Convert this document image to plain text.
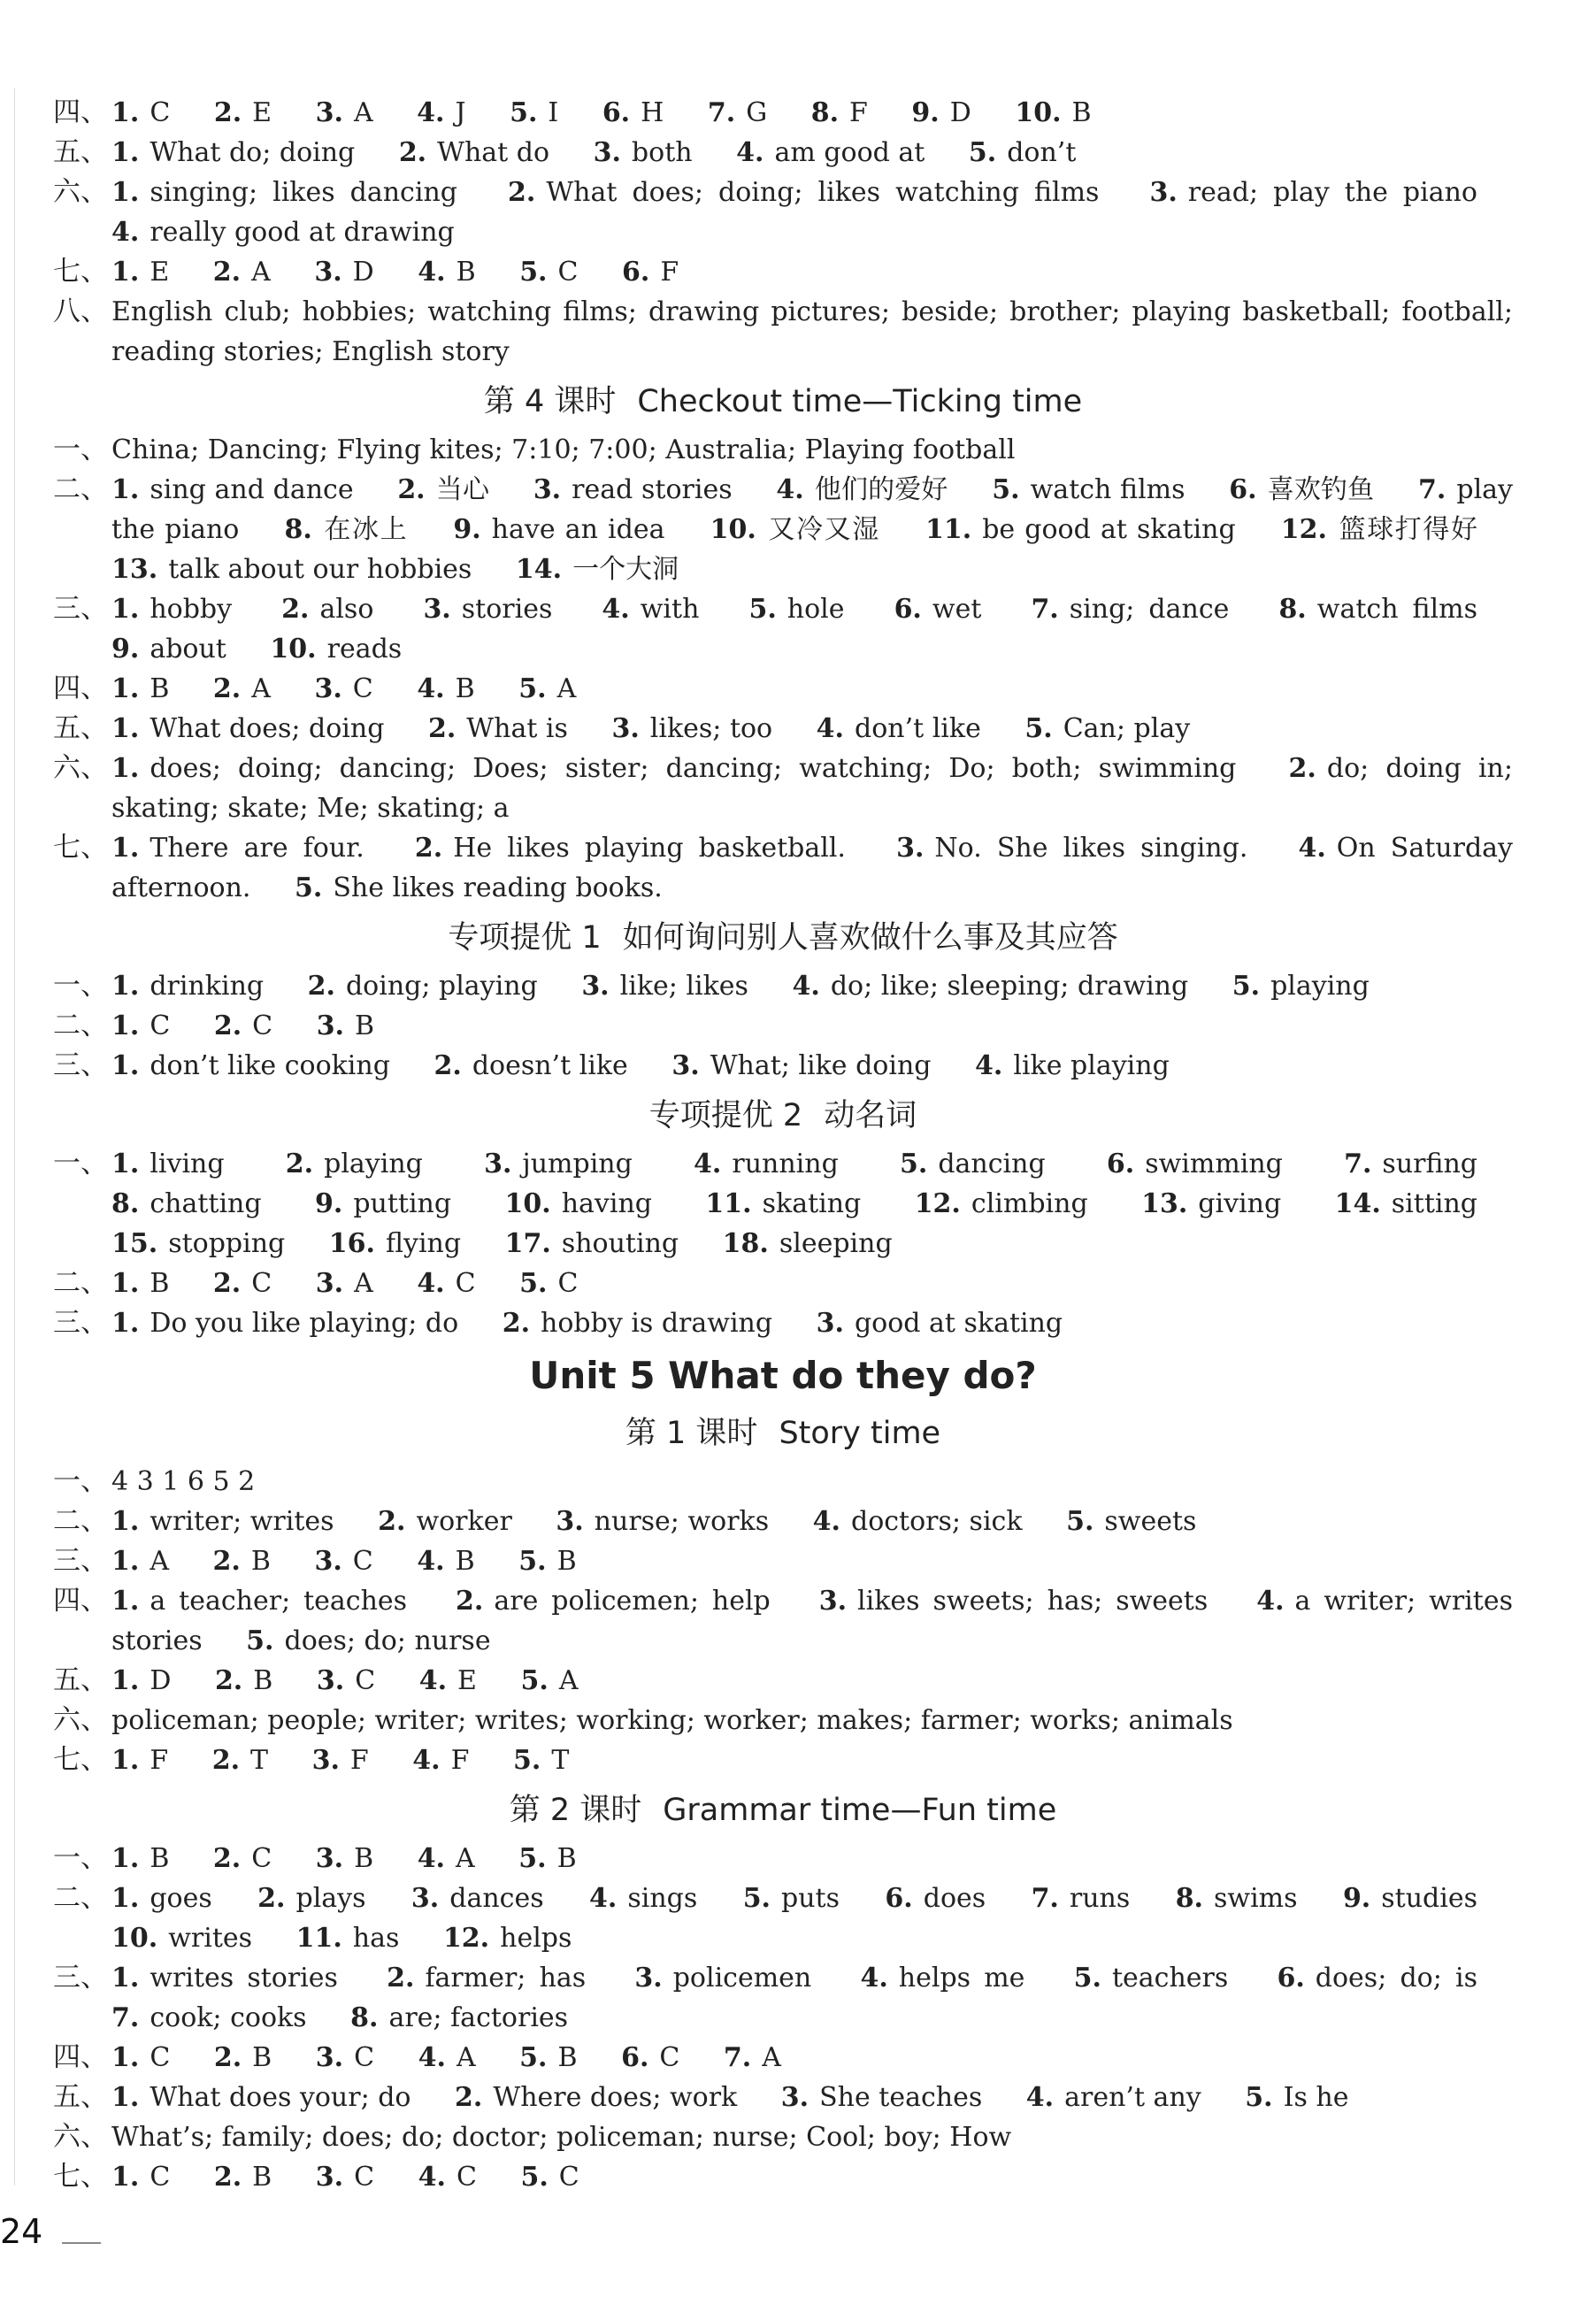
四、 1. C 2. E 3. A 4. J 5. I 6. H 7. G 8. F 9. D 10. B
五、 1. What do; doing 2. What do 3. both 4. am good at 5. don’t
六、 1. singing; likes dancing 2. What does; doing; likes watching films 3. read; play the piano 4. really good at drawing
七、 1. E 2. A 3. D 4. B 5. C 6. F
八、 English club; hobbies; watching films; drawing pictures; beside; brother; playing basketball; football; reading stories; English story
第 4 课时 Checkout time—Ticking time
一、 China; Dancing; Flying kites; 7:10; 7:00; Australia; Playing football
二、 1. sing and dance 2. 当心 3. read stories 4. 他们的爱好 5. watch films 6. 喜欢钓鱼 7. play the piano 8. 在冰上 9. have an idea 10. 又冷又湿 11. be good at skating 12. 篮球打得好 13. talk about our hobbies 14. 一个大洞
三、 1. hobby 2. also 3. stories 4. with 5. hole 6. wet 7. sing; dance 8. watch films 9. about 10. reads
四、 1. B 2. A 3. C 4. B 5. A
五、 1. What does; doing 2. What is 3. likes; too 4. don’t like 5. Can; play
六、 1. does; doing; dancing; Does; sister; dancing; watching; Do; both; swimming 2. do; doing in; skating; skate; Me; skating; a
七、 1. There are four. 2. He likes playing basketball. 3. No. She likes singing. 4. On Saturday afternoon. 5. She likes reading books.
专项提优 1 如何询问别人喜欢做什么事及其应答
一、 1. drinking 2. doing; playing 3. like; likes 4. do; like; sleeping; drawing 5. playing
二、 1. C 2. C 3. B
三、 1. don’t like cooking 2. doesn’t like 3. What; like doing 4. like playing
专项提优 2 动名词
一、 1. living 2. playing 3. jumping 4. running 5. dancing 6. swimming 7. surfing 8. chatting 9. putting 10. having 11. skating 12. climbing 13. giving 14. sitting 15. stopping 16. flying 17. shouting 18. sleeping
二、 1. B 2. C 3. A 4. C 5. C
三、 1. Do you like playing; do 2. hobby is drawing 3. good at skating
Unit 5 What do they do?
第 1 课时 Story time
一、 4 3 1 6 5 2
二、 1. writer; writes 2. worker 3. nurse; works 4. doctors; sick 5. sweets
三、 1. A 2. B 3. C 4. B 5. B
四、 1. a teacher; teaches 2. are policemen; help 3. likes sweets; has; sweets 4. a writer; writes stories 5. does; do; nurse
五、 1. D 2. B 3. C 4. E 5. A
六、 policeman; people; writer; writes; working; worker; makes; farmer; works; animals
七、 1. F 2. T 3. F 4. F 5. T
第 2 课时 Grammar time—Fun time
一、 1. B 2. C 3. B 4. A 5. B
二、 1. goes 2. plays 3. dances 4. sings 5. puts 6. does 7. runs 8. swims 9. studies 10. writes 11. has 12. helps
三、 1. writes stories 2. farmer; has 3. policemen 4. helps me 5. teachers 6. does; do; is 7. cook; cooks 8. are; factories
四、 1. C 2. B 3. C 4. A 5. B 6. C 7. A
五、 1. What does your; do 2. Where does; work 3. She teaches 4. aren’t any 5. Is he
六、 What’s; family; does; do; doctor; policeman; nurse; Cool; boy; How
七、 1. C 2. B 3. C 4. C 5. C
24
